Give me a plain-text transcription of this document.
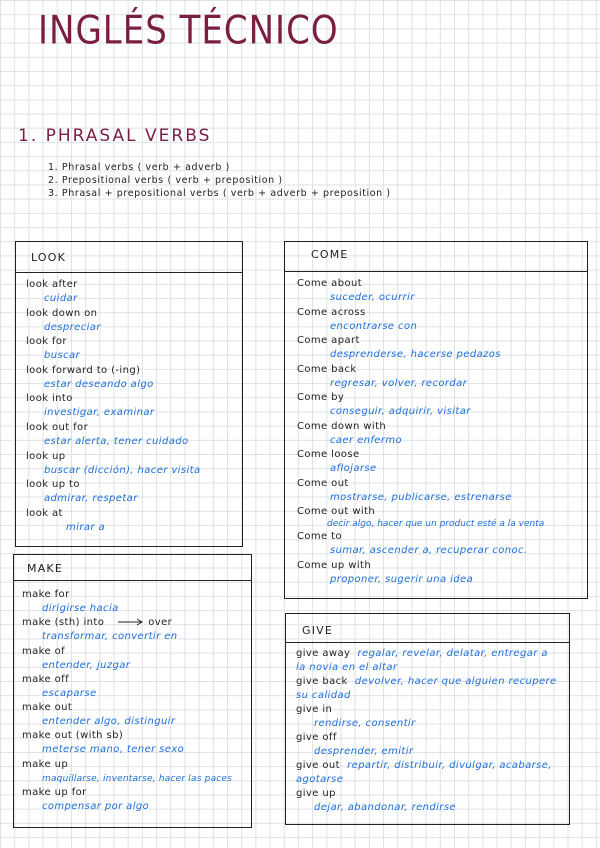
INGLÉS TÉCNICO
1. PHRASAL VERBS
1. Phrasal verbs ( verb + adverb )
2. Prepositional verbs ( verb + preposition )
3. Phrasal + prepositional verbs ( verb + adverb + preposition )
LOOK
look after
cuidar
look down on
despreciar
look for
buscar
look forward to (-ing)
estar deseando algo
look into
investigar, examinar
look out for
estar alerta, tener cuidado
look up
buscar (dicción), hacer visita
look up to
admirar, respetar
look at
mirar a
COME
Come about
suceder, ocurrir
Come across
encontrarse con
Come apart
desprenderse, hacerse pedazos
Come back
regresar, volver, recordar
Come by
conseguir, adquirir, visitar
Come down with
caer enfermo
Come loose
aflojarse
Come out
mostrarse, publicarse, estrenarse
Come out with
decir algo, hacer que un product esté a la venta
Come to
sumar, ascender a, recuperar conoc.
Come up with
proponer, sugerir una idea
MAKE
make for
dirigirse hacia
make (sth) into	over
transformar, convertir en
make of
entender, juzgar
make off
escaparse
make out
entender algo, distinguir
make out (with sb)
meterse mano, tener sexo
make up
maquillarse, inventarse, hacer las paces
make up for
compensar por algo
GIVE
give away regalar, revelar, delatar, entregar a la novia en el altar
give back devolver, hacer que alguien recupere su calidad
give in
rendirse, consentir
give off
desprender, emitir
give out repartir, distribuir, divulgar, acabarse, agotarse
give up
dejar, abandonar, rendirse
